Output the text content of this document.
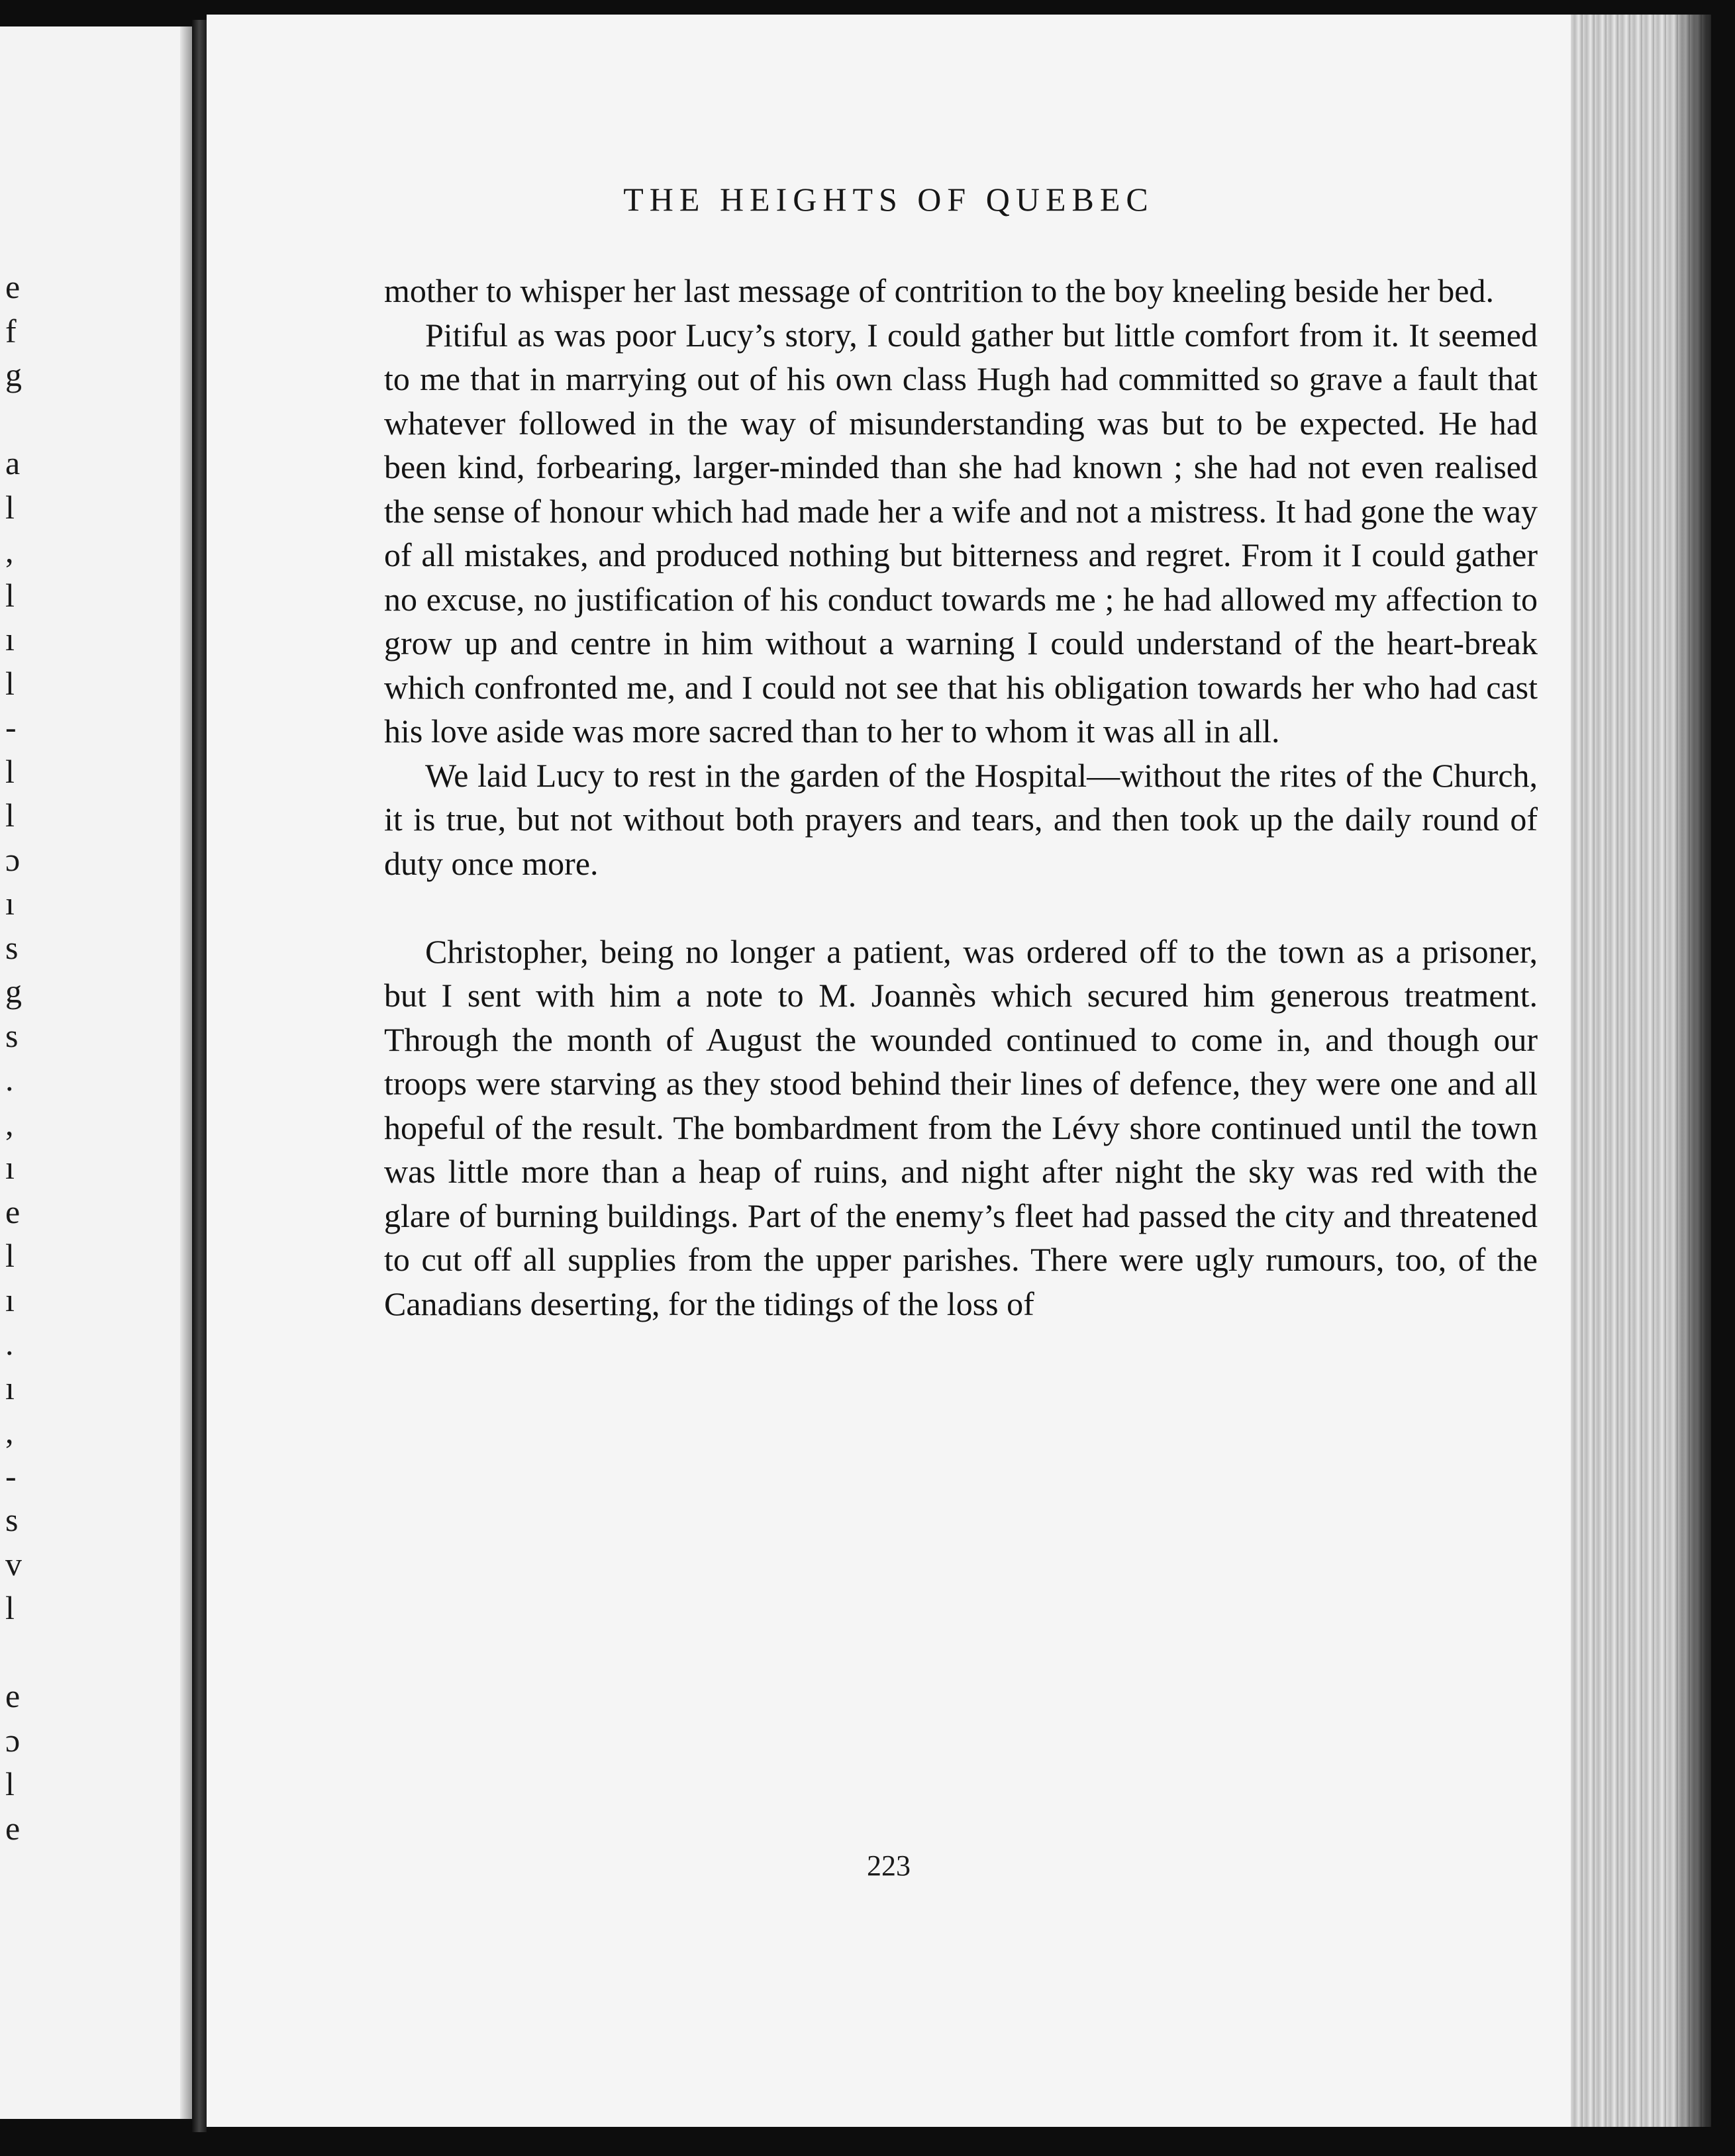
e
f
g
a
l
,
l
ı
l
-
l
l
ɔ
ı
s
g
s
.
,
ı
e
l
ı
.
ı
,
-
s
v
l
e
ɔ
l
e
THE HEIGHTS OF QUEBEC

mother to whisper her last message of contrition to the boy kneeling beside her bed.

Pitiful as was poor Lucy’s story, I could gather but little comfort from it. It seemed to me that in marrying out of his own class Hugh had committed so grave a fault that whatever followed in the way of misunderstanding was but to be expected. He had been kind, forbearing, larger-minded than she had known ; she had not even realised the sense of honour which had made her a wife and not a mistress. It had gone the way of all mistakes, and produced nothing but bitterness and regret. From it I could gather no excuse, no justification of his conduct towards me ; he had allowed my affection to grow up and centre in him without a warning I could understand of the heart-break which confronted me, and I could not see that his obligation towards her who had cast his love aside was more sacred than to her to whom it was all in all.

We laid Lucy to rest in the garden of the Hospital—without the rites of the Church, it is true, but not without both prayers and tears, and then took up the daily round of duty once more.

Christopher, being no longer a patient, was ordered off to the town as a prisoner, but I sent with him a note to M. Joannès which secured him generous treatment. Through the month of August the wounded continued to come in, and though our troops were starving as they stood behind their lines of defence, they were one and all hopeful of the result. The bombardment from the Lévy shore continued until the town was little more than a heap of ruins, and night after night the sky was red with the glare of burning buildings. Part of the enemy’s fleet had passed the city and threatened to cut off all supplies from the upper parishes. There were ugly rumours, too, of the Canadians deserting, for the tidings of the loss of

223
